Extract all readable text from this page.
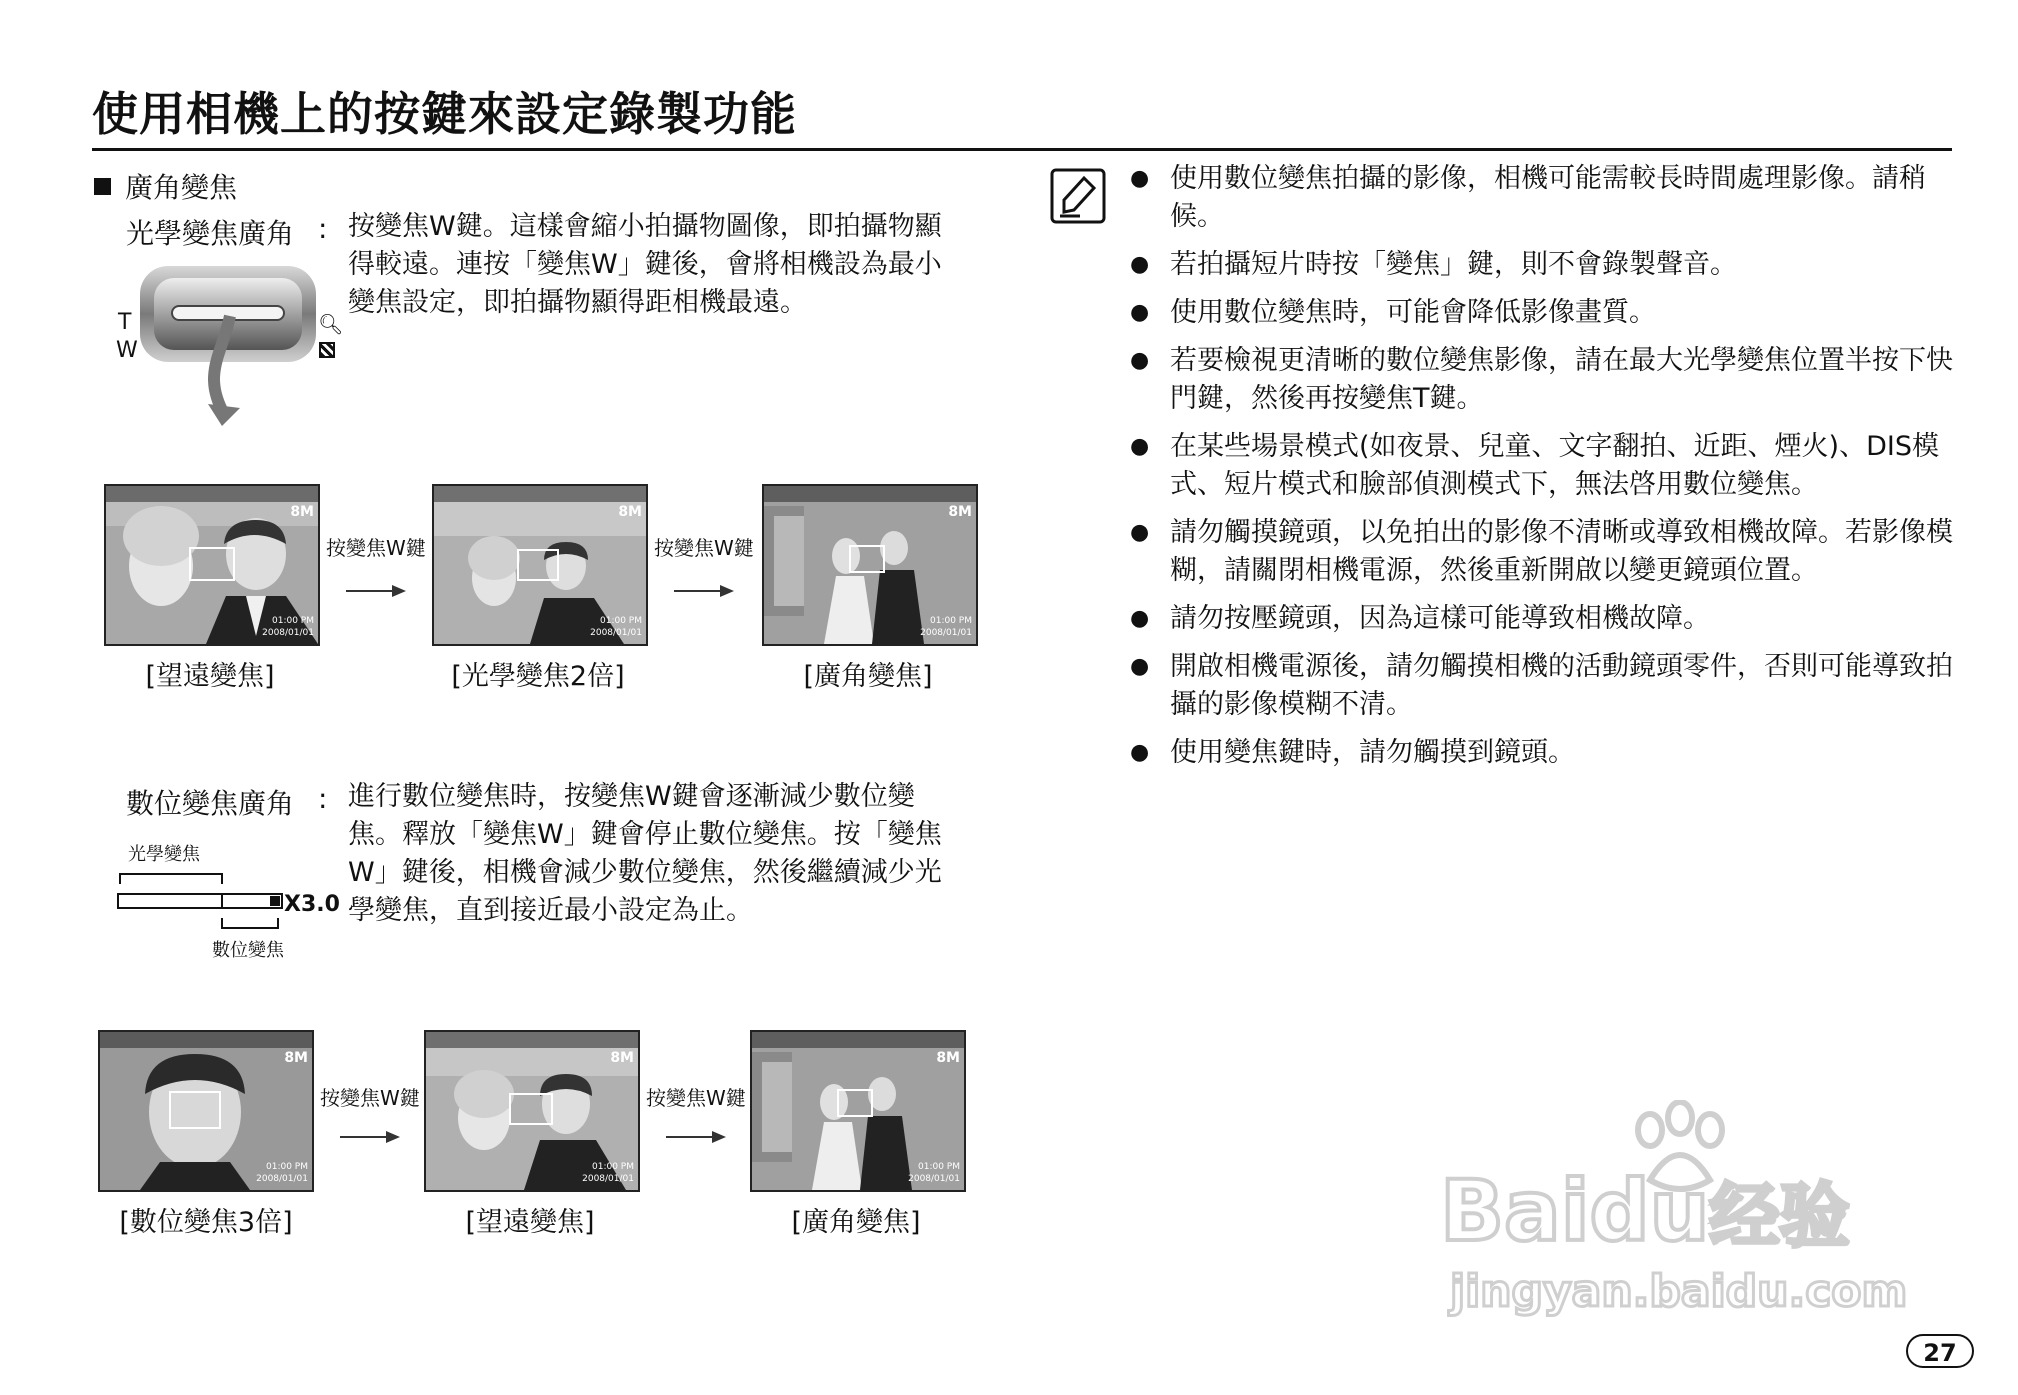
使用相機上的按鍵來設定錄製功能
廣角變焦
光學變焦廣角 : 按變焦W鍵。這樣會縮小拍攝物圖像，即拍攝物顯得較遠。連按「變焦W」鍵後，會將相機設為最小變焦設定，即拍攝物顯得距相機最遠。
T
W
🔍︎
01:00 PM
2008/01/01
8M
按變焦W鍵
01:00 PM
2008/01/01
8M
按變焦W鍵
01:00 PM
2008/01/01
8M
[望遠變焦]	[光學變焦2倍]	[廣角變焦]
數位變焦廣角 : 進行數位變焦時，按變焦W鍵會逐漸減少數位變焦。釋放「變焦W」鍵會停止數位變焦。按「變焦W」鍵後，相機會減少數位變焦，然後繼續減少光學變焦，直到接近最小設定為止。
光學變焦
X3.0
數位變焦
01:00 PM
2008/01/01
8M
按變焦W鍵
01:00 PM
2008/01/01
8M
按變焦W鍵
01:00 PM
2008/01/01
8M
[數位變焦3倍]	[望遠變焦]	[廣角變焦]
● 使用數位變焦拍攝的影像，相機可能需較長時間處理影像。請稍候。
● 若拍攝短片時按「變焦」鍵，則不會錄製聲音。
● 使用數位變焦時，可能會降低影像畫質。
● 若要檢視更清晰的數位變焦影像，請在最大光學變焦位置半按下快門鍵，然後再按變焦T鍵。
● 在某些場景模式(如夜景、兒童、文字翻拍、近距、煙火)、DIS模式、短片模式和臉部偵測模式下，無法啓用數位變焦。
● 請勿觸摸鏡頭，以免拍出的影像不清晰或導致相機故障。若影像模糊，請關閉相機電源，然後重新開啟以變更鏡頭位置。
● 請勿按壓鏡頭，因為這樣可能導致相機故障。
● 開啟相機電源後，請勿觸摸相機的活動鏡頭零件，否則可能導致拍攝的影像模糊不清。
● 使用變焦鍵時，請勿觸摸到鏡頭。
Baidu经验
jingyan.baidu.com
27
